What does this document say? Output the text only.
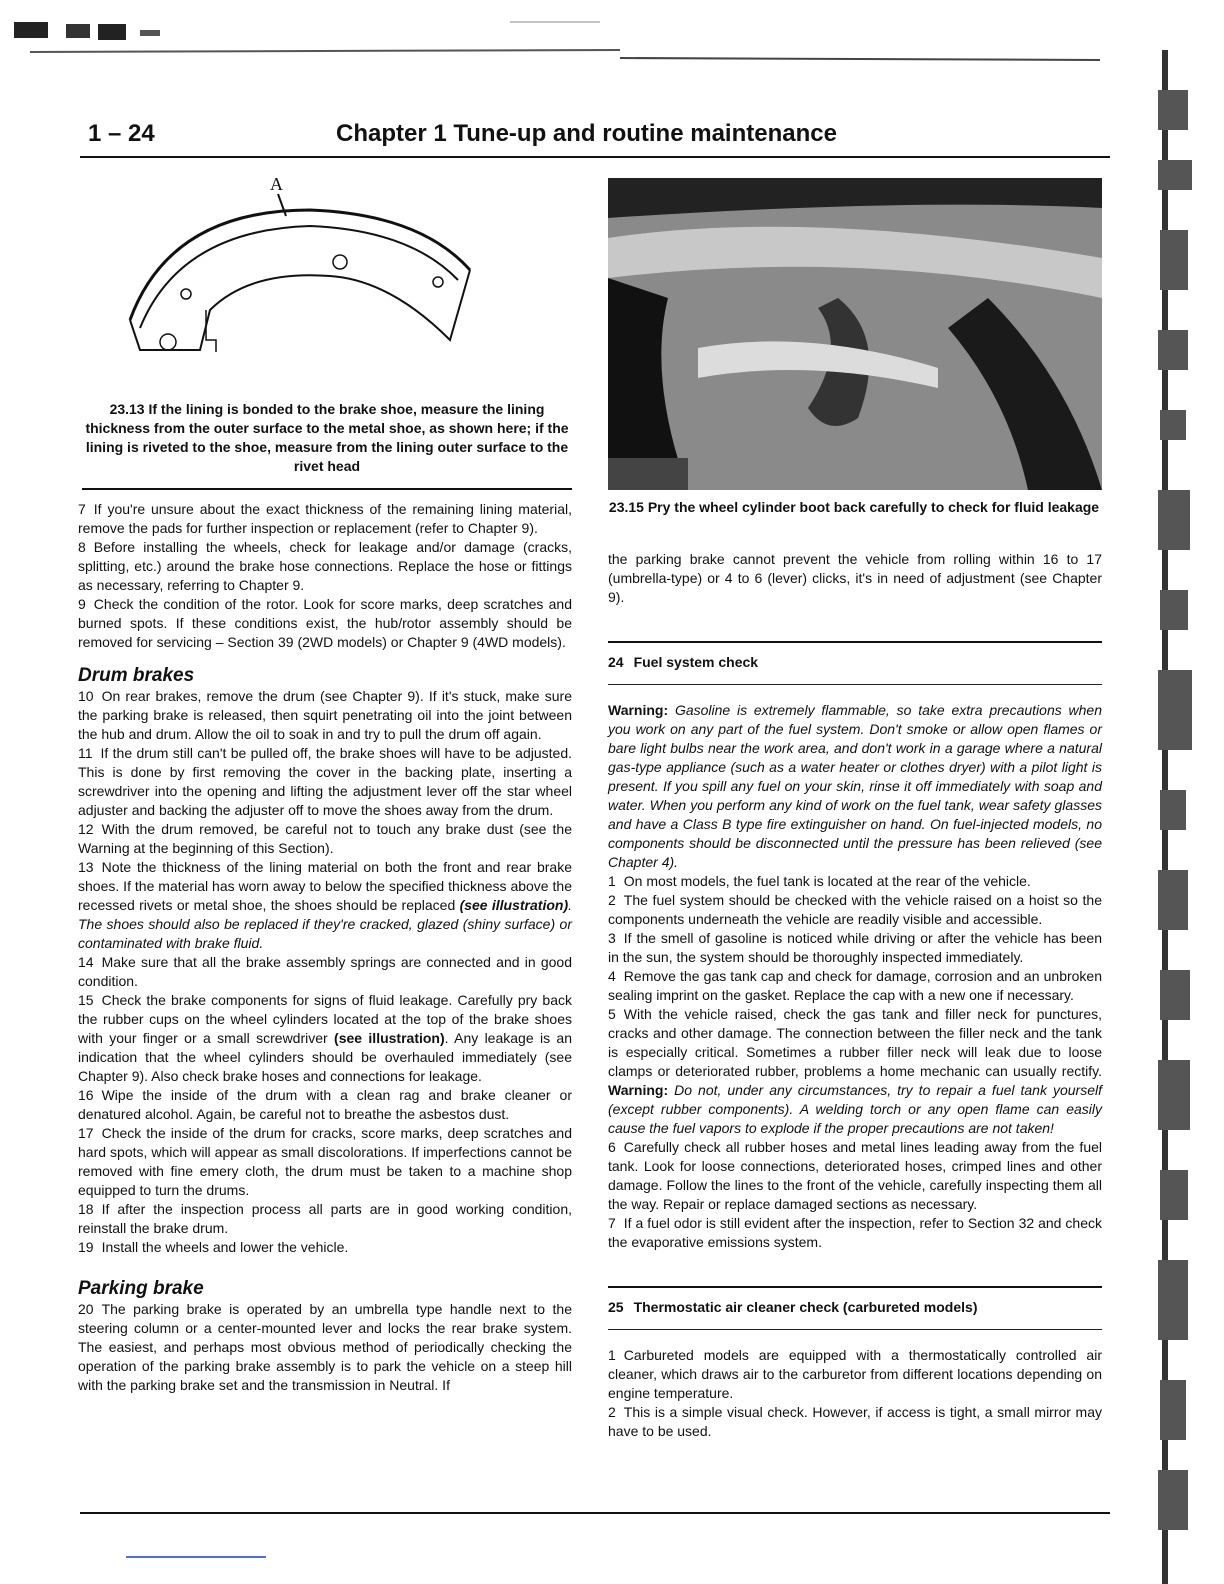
1 – 24	Chapter 1 Tune-up and routine maintenance
A
23.13 If the lining is bonded to the brake shoe, measure the lining thickness from the outer surface to the metal shoe, as shown here; if the lining is riveted to the shoe, measure from the lining outer surface to the rivet head
23.15 Pry the wheel cylinder boot back carefully to check for fluid leakage

7 If you're unsure about the exact thickness of the remaining lining material, remove the pads for further inspection or replacement (refer to Chapter 9).

8 Before installing the wheels, check for leakage and/or damage (cracks, splitting, etc.) around the brake hose connections. Replace the hose or fittings as necessary, referring to Chapter 9.

9 Check the condition of the rotor. Look for score marks, deep scratches and burned spots. If these conditions exist, the hub/rotor assembly should be removed for servicing – Section 39 (2WD models) or Chapter 9 (4WD models).

Drum brakes

10 On rear brakes, remove the drum (see Chapter 9). If it's stuck, make sure the parking brake is released, then squirt penetrating oil into the joint between the hub and drum. Allow the oil to soak in and try to pull the drum off again.

11 If the drum still can't be pulled off, the brake shoes will have to be adjusted. This is done by first removing the cover in the backing plate, inserting a screwdriver into the opening and lifting the adjustment lever off the star wheel adjuster and backing the adjuster off to move the shoes away from the drum.

12 With the drum removed, be careful not to touch any brake dust (see the Warning at the beginning of this Section).

13 Note the thickness of the lining material on both the front and rear brake shoes. If the material has worn away to below the specified thickness above the recessed rivets or metal shoe, the shoes should be replaced (see illustration). The shoes should also be replaced if they're cracked, glazed (shiny surface) or contaminated with brake fluid.

14 Make sure that all the brake assembly springs are connected and in good condition.

15 Check the brake components for signs of fluid leakage. Carefully pry back the rubber cups on the wheel cylinders located at the top of the brake shoes with your finger or a small screwdriver (see illustration). Any leakage is an indication that the wheel cylinders should be overhauled immediately (see Chapter 9). Also check brake hoses and connections for leakage.

16 Wipe the inside of the drum with a clean rag and brake cleaner or denatured alcohol. Again, be careful not to breathe the asbestos dust.

17 Check the inside of the drum for cracks, score marks, deep scratches and hard spots, which will appear as small discolorations. If imperfections cannot be removed with fine emery cloth, the drum must be taken to a machine shop equipped to turn the drums.

18 If after the inspection process all parts are in good working condition, reinstall the brake drum.

19 Install the wheels and lower the vehicle.

Parking brake

20 The parking brake is operated by an umbrella type handle next to the steering column or a center-mounted lever and locks the rear brake system. The easiest, and perhaps most obvious method of periodically checking the operation of the parking brake assembly is to park the vehicle on a steep hill with the parking brake set and the transmission in Neutral. If

the parking brake cannot prevent the vehicle from rolling within 16 to 17 (umbrella-type) or 4 to 6 (lever) clicks, it's in need of adjustment (see Chapter 9).

24 Fuel system check

Warning: Gasoline is extremely flammable, so take extra precautions when you work on any part of the fuel system. Don't smoke or allow open flames or bare light bulbs near the work area, and don't work in a garage where a natural gas-type appliance (such as a water heater or clothes dryer) with a pilot light is present. If you spill any fuel on your skin, rinse it off immediately with soap and water. When you perform any kind of work on the fuel tank, wear safety glasses and have a Class B type fire extinguisher on hand. On fuel-injected models, no components should be disconnected until the pressure has been relieved (see Chapter 4).

1 On most models, the fuel tank is located at the rear of the vehicle.

2 The fuel system should be checked with the vehicle raised on a hoist so the components underneath the vehicle are readily visible and accessible.

3 If the smell of gasoline is noticed while driving or after the vehicle has been in the sun, the system should be thoroughly inspected immediately.

4 Remove the gas tank cap and check for damage, corrosion and an unbroken sealing imprint on the gasket. Replace the cap with a new one if necessary.

5 With the vehicle raised, check the gas tank and filler neck for punctures, cracks and other damage. The connection between the filler neck and the tank is especially critical. Sometimes a rubber filler neck will leak due to loose clamps or deteriorated rubber, problems a home mechanic can usually rectify. Warning: Do not, under any circumstances, try to repair a fuel tank yourself (except rubber components). A welding torch or any open flame can easily cause the fuel vapors to explode if the proper precautions are not taken!

6 Carefully check all rubber hoses and metal lines leading away from the fuel tank. Look for loose connections, deteriorated hoses, crimped lines and other damage. Follow the lines to the front of the vehicle, carefully inspecting them all the way. Repair or replace damaged sections as necessary.

7 If a fuel odor is still evident after the inspection, refer to Section 32 and check the evaporative emissions system.

25 Thermostatic air cleaner check (carbureted models)

1 Carbureted models are equipped with a thermostatically controlled air cleaner, which draws air to the carburetor from different locations depending on engine temperature.

2 This is a simple visual check. However, if access is tight, a small mirror may have to be used.
